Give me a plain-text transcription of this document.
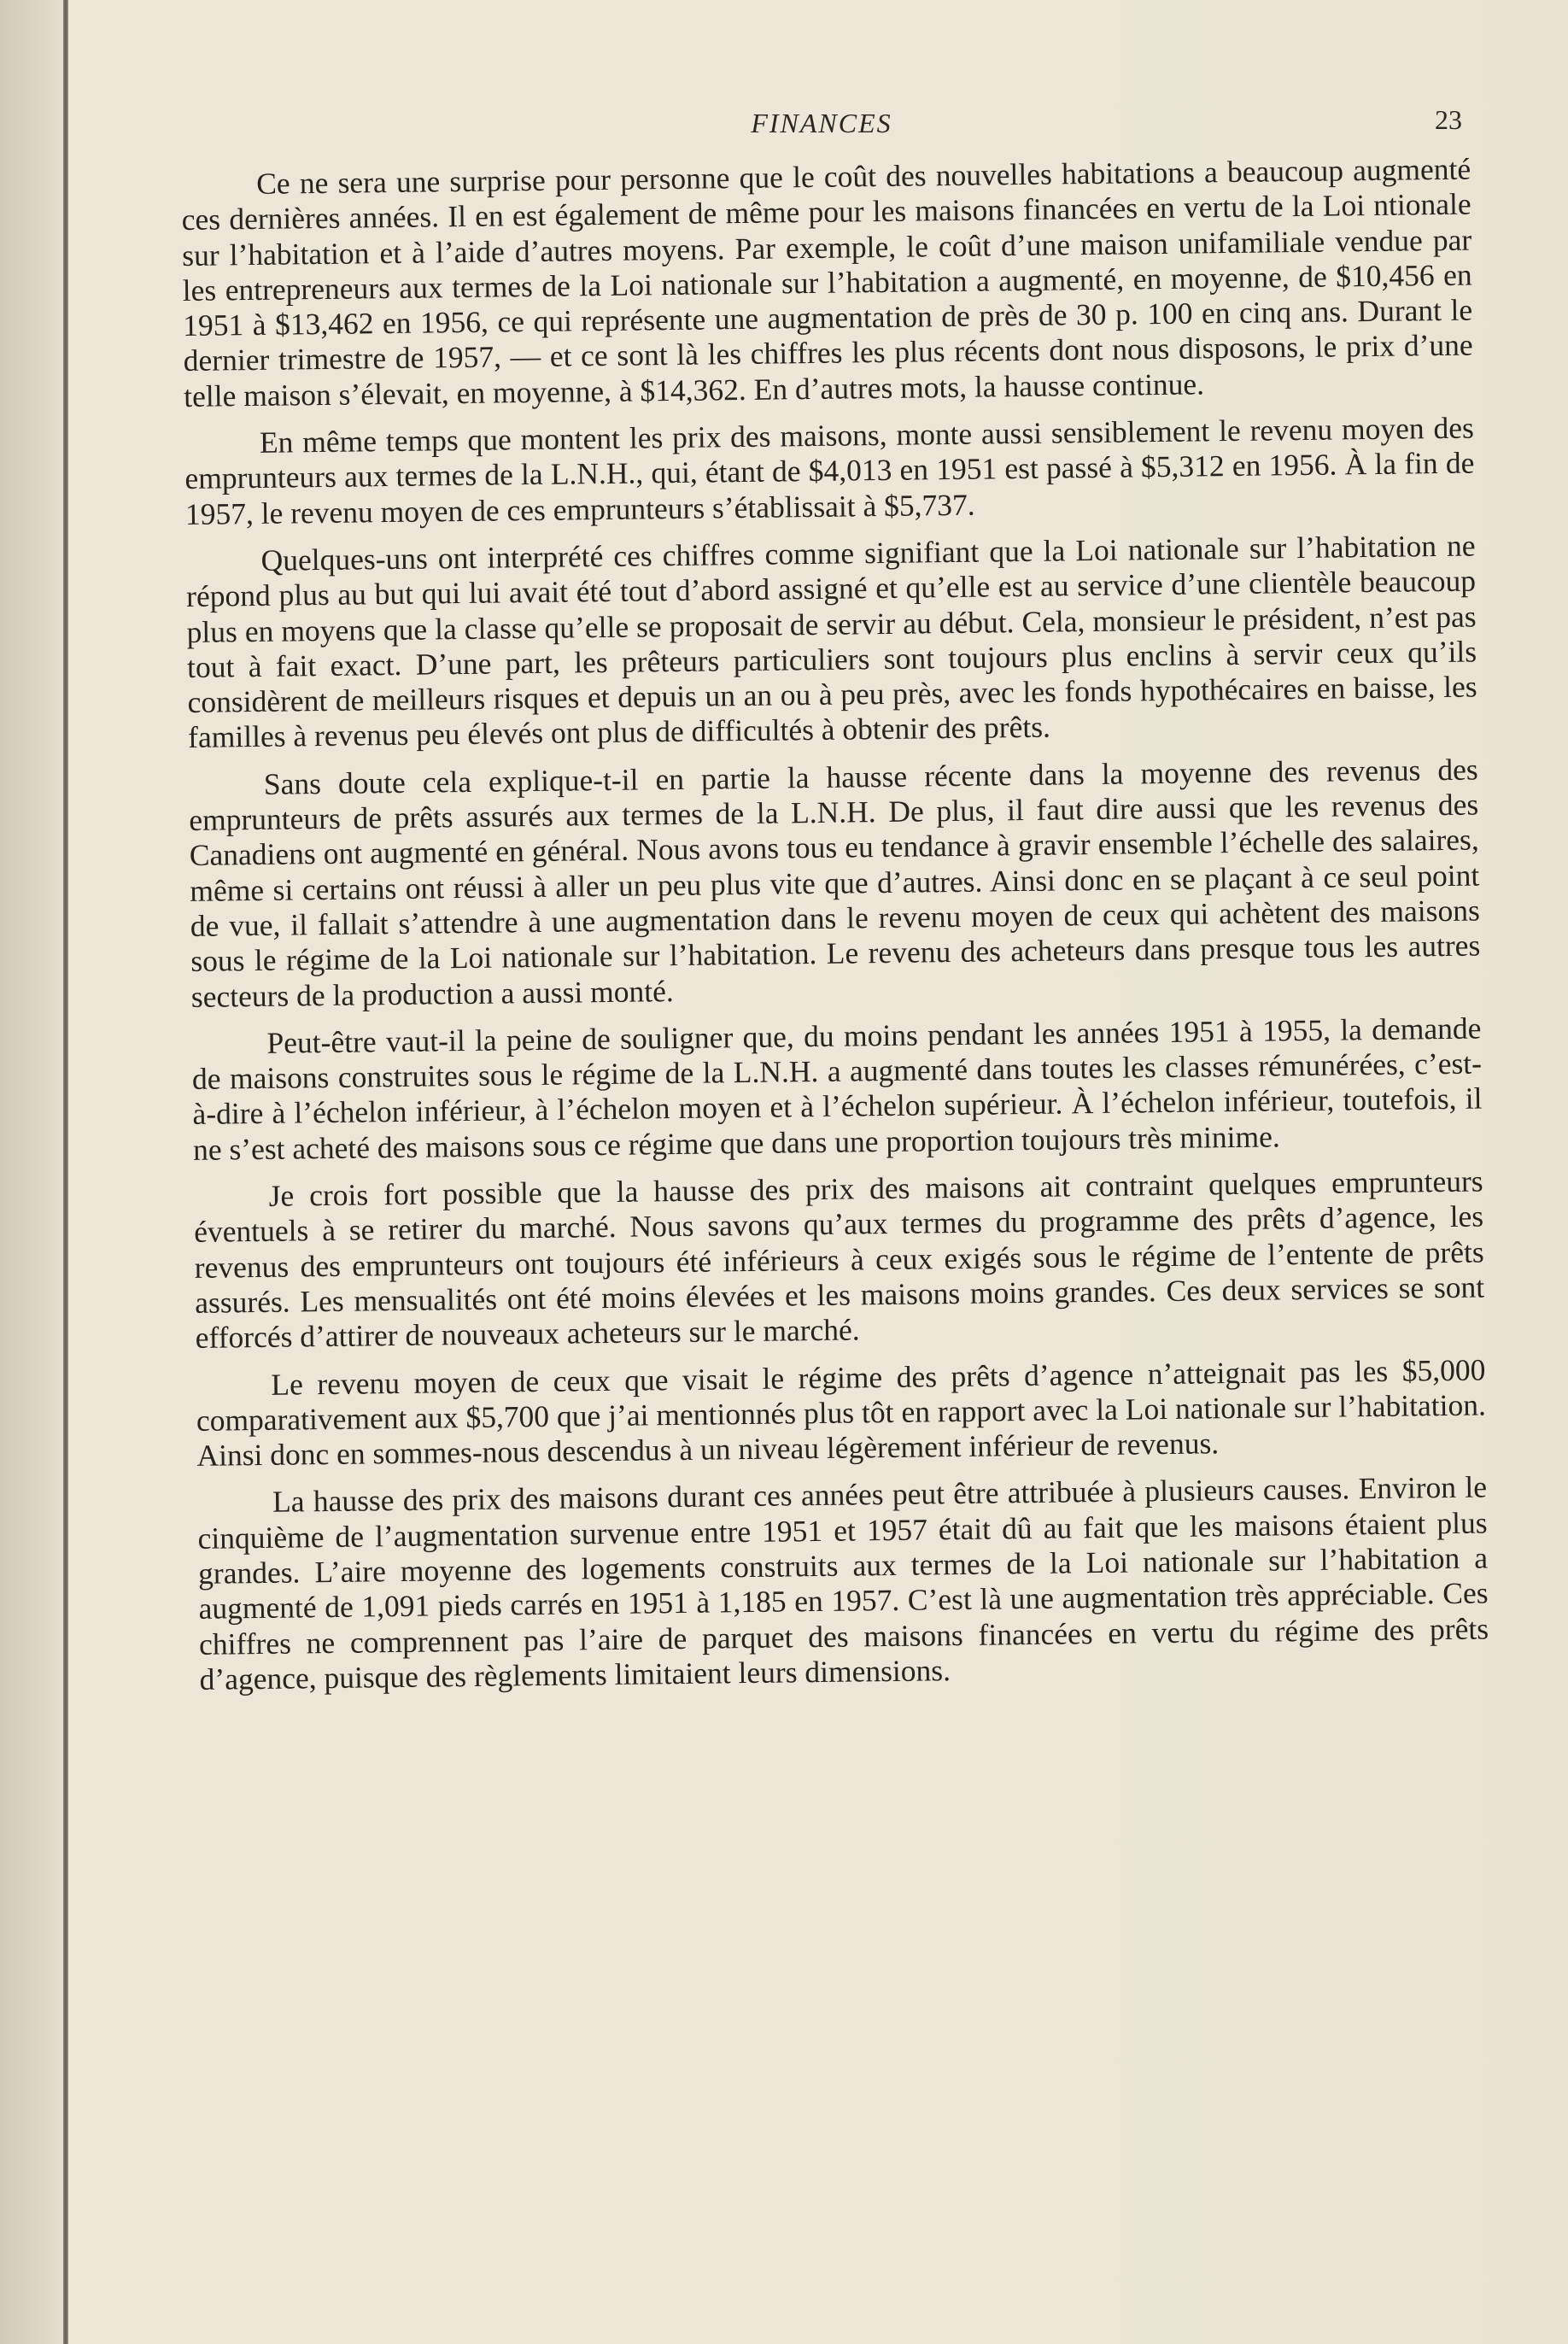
FINANCES	23

Ce ne sera une surprise pour personne que le coût des nouvelles habitations a beaucoup augmenté ces dernières années. Il en est également de même pour les maisons financées en vertu de la Loi ntionale sur l’habitation et à l’aide d’autres moyens. Par exemple, le coût d’une maison unifamiliale vendue par les entrepreneurs aux termes de la Loi nationale sur l’habitation a augmenté, en moyenne, de $10,456 en 1951 à $13,462 en 1956, ce qui représente une augmentation de près de 30 p. 100 en cinq ans. Durant le dernier trimestre de 1957, — et ce sont là les chiffres les plus récents dont nous disposons, le prix d’une telle maison s’élevait, en moyenne, à $14,362. En d’autres mots, la hausse continue.

En même temps que montent les prix des maisons, monte aussi sensiblement le revenu moyen des emprunteurs aux termes de la L.N.H., qui, étant de $4,013 en 1951 est passé à $5,312 en 1956. À la fin de 1957, le revenu moyen de ces emprunteurs s’établissait à $5,737.

Quelques-uns ont interprété ces chiffres comme signifiant que la Loi nationale sur l’habitation ne répond plus au but qui lui avait été tout d’abord assigné et qu’elle est au service d’une clientèle beaucoup plus en moyens que la classe qu’elle se proposait de servir au début. Cela, monsieur le président, n’est pas tout à fait exact. D’une part, les prêteurs particuliers sont toujours plus enclins à servir ceux qu’ils considèrent de meilleurs risques et depuis un an ou à peu près, avec les fonds hypothécaires en baisse, les familles à revenus peu élevés ont plus de difficultés à obtenir des prêts.

Sans doute cela explique-t-il en partie la hausse récente dans la moyenne des revenus des emprunteurs de prêts assurés aux termes de la L.N.H. De plus, il faut dire aussi que les revenus des Canadiens ont augmenté en général. Nous avons tous eu tendance à gravir ensemble l’échelle des salaires, même si certains ont réussi à aller un peu plus vite que d’autres. Ainsi donc en se plaçant à ce seul point de vue, il fallait s’attendre à une augmentation dans le revenu moyen de ceux qui achètent des maisons sous le régime de la Loi nationale sur l’habitation. Le revenu des acheteurs dans presque tous les autres secteurs de la production a aussi monté.

Peut-être vaut-il la peine de souligner que, du moins pendant les années 1951 à 1955, la demande de maisons construites sous le régime de la L.N.H. a augmenté dans toutes les classes rémunérées, c’est-à-dire à l’échelon inférieur, à l’échelon moyen et à l’échelon supérieur. À l’échelon inférieur, toutefois, il ne s’est acheté des maisons sous ce régime que dans une proportion toujours très minime.

Je crois fort possible que la hausse des prix des maisons ait contraint quelques emprunteurs éventuels à se retirer du marché. Nous savons qu’aux termes du programme des prêts d’agence, les revenus des emprunteurs ont toujours été inférieurs à ceux exigés sous le régime de l’entente de prêts assurés. Les mensualités ont été moins élevées et les maisons moins grandes. Ces deux services se sont efforcés d’attirer de nouveaux acheteurs sur le marché.

Le revenu moyen de ceux que visait le régime des prêts d’agence n’atteignait pas les $5,000 comparativement aux $5,700 que j’ai mentionnés plus tôt en rapport avec la Loi nationale sur l’habitation. Ainsi donc en sommes-nous descendus à un niveau légèrement inférieur de revenus.

La hausse des prix des maisons durant ces années peut être attribuée à plusieurs causes. Environ le cinquième de l’augmentation survenue entre 1951 et 1957 était dû au fait que les maisons étaient plus grandes. L’aire moyenne des logements construits aux termes de la Loi nationale sur l’habitation a augmenté de 1,091 pieds carrés en 1951 à 1,185 en 1957. C’est là une augmentation très appréciable. Ces chiffres ne comprennent pas l’aire de parquet des maisons financées en vertu du régime des prêts d’agence, puisque des règlements limitaient leurs dimensions.
